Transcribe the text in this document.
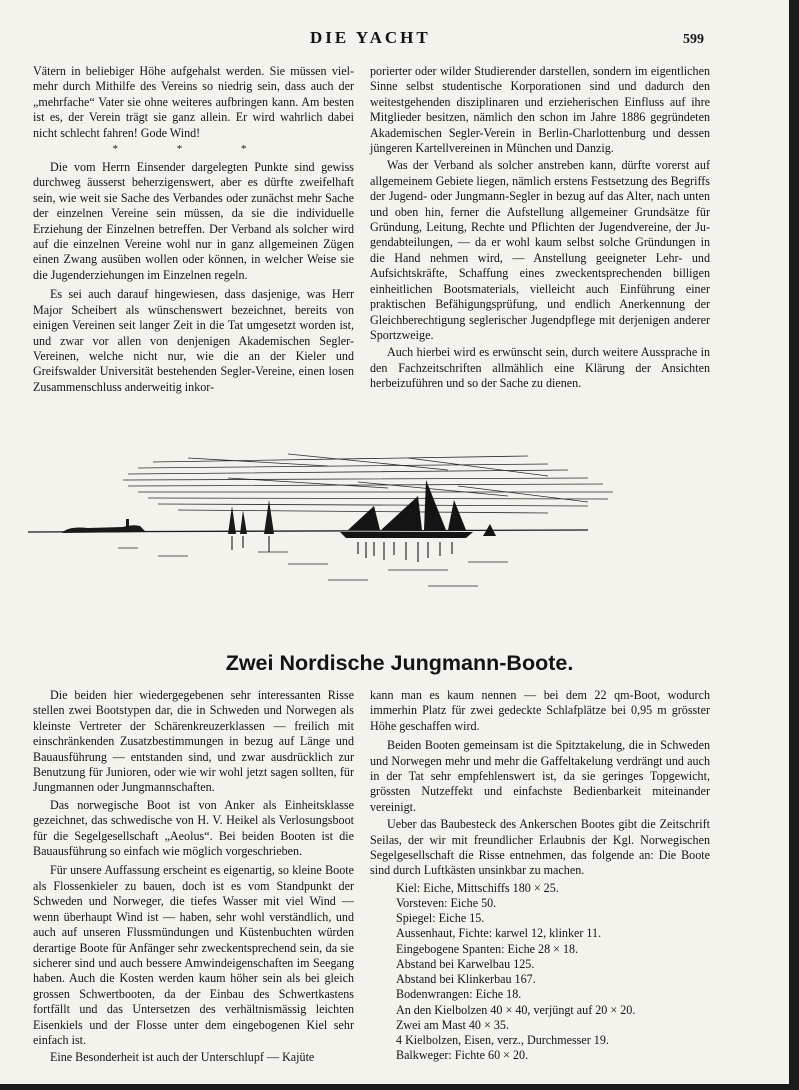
DIE YACHT	599

Vätern in beliebiger Höhe aufgehalst werden. Sie müssen vielmehr durch Mithilfe des Vereins so niedrig sein, dass auch der „mehrfache“ Vater sie ohne weiteres aufbringen kann. Am besten ist es, der Verein trägt sie ganz allein. Er wird wahrlich dabei nicht schlecht fahren! Gode Wind!

* * *

Die vom Herrn Einsender dargelegten Punkte sind gewiss durchweg äusserst beherzigenswert, aber es dürfte zweifelhaft sein, wie weit sie Sache des Verbandes oder zunächst mehr Sache der einzelnen Vereine sein müssen, da sie die individuelle Erziehung der Einzelnen betreffen. Der Verband als solcher wird auf die einzelnen Vereine wohl nur in ganz allgemeinen Zügen einen Zwang ausüben wollen oder können, in welcher Weise sie die Jugenderziehungen im Einzelnen regeln.

Es sei auch darauf hingewiesen, dass dasjenige, was Herr Major Scheibert als wünschenswert bezeichnet, bereits von einigen Vereinen seit langer Zeit in die Tat umgesetzt worden ist, und zwar vor allen von denjenigen Akademischen Segler-Vereinen, welche nicht nur, wie die an der Kieler und Greifswalder Universität bestehenden Segler-Vereine, einen losen Zusammenschluss anderweitig inkor-

porierter oder wilder Studierender darstellen, sondern im eigentlichen Sinne selbst studentische Korporationen sind und dadurch den weitestgehenden disziplinaren und erzieherischen Einfluss auf ihre Mitglieder besitzen, nämlich den schon im Jahre 1886 gegründeten Akademischen Segler-Verein in Berlin-Charlottenburg und dessen jüngeren Kartellvereinen in München und Danzig.

Was der Verband als solcher anstreben kann, dürfte vorerst auf allgemeinem Gebiete liegen, nämlich erstens Festsetzung des Begriffs der Jugend- oder Jungmann-Segler in bezug auf das Alter, nach unten und oben hin, ferner die Aufstellung allgemeiner Grundsätze für Gründung, Leitung, Rechte und Pflichten der Jugendvereine, der Jugendabteilungen, — da er wohl kaum selbst solche Gründungen in die Hand nehmen wird, — Anstellung geeigneter Lehr- und Aufsichtskräfte, Schaffung eines zweckentsprechenden billigen einheitlichen Bootsmaterials, vielleicht auch Einführung einer praktischen Befähigungsprüfung, und endlich Anerkennung der Gleichberechtigung seglerischer Jugendpflege mit derjenigen anderer Sportzweige.

Auch hierbei wird es erwünscht sein, durch weitere Aussprache in den Fachzeitschriften allmählich eine Klärung der Ansichten herbeizuführen und so der Sache zu dienen.

Zwei Nordische Jungmann-Boote.

Die beiden hier wiedergegebenen sehr interessanten Risse stellen zwei Bootstypen dar, die in Schweden und Norwegen als kleinste Vertreter der Schärenkreuzerklassen — freilich mit einschränkenden Zusatzbestimmungen in bezug auf Länge und Bauausführung — entstanden sind, und zwar ausdrücklich zur Benutzung für Junioren, oder wie wir wohl jetzt sagen sollten, für Jungmannen oder Jungmannschaften.

Das norwegische Boot ist von Anker als Einheitsklasse gezeichnet, das schwedische von H. V. Heikel als Verlosungsboot für die Segelgesellschaft „Aeolus“. Bei beiden Booten ist die Bauausführung so einfach wie möglich vorgeschrieben.

Für unsere Auffassung erscheint es eigenartig, so kleine Boote als Flossenkieler zu bauen, doch ist es vom Standpunkt der Schweden und Norweger, die tiefes Wasser mit viel Wind — wenn überhaupt Wind ist — haben, sehr wohl verständlich, und auch auf unseren Flussmündungen und Küstenbuchten würden derartige Boote für Anfänger sehr zweckentsprechend sein, da sie sicherer sind und auch bessere Amwindeigenschaften im Seegang haben. Auch die Kosten werden kaum höher sein als bei gleich grossen Schwertbooten, da der Einbau des Schwertkastens fortfällt und das Untersetzen des verhältnismässig leichten Eisenkiels und der Flosse unter dem eingebogenen Kiel sehr einfach ist.

Eine Besonderheit ist auch der Unterschlupf — Kajüte

kann man es kaum nennen — bei dem 22 qm-Boot, wodurch immerhin Platz für zwei gedeckte Schlafplätze bei 0,95 m grösster Höhe geschaffen wird.

Beiden Booten gemeinsam ist die Spitztakelung, die in Schweden und Norwegen mehr und mehr die Gaffeltakelung verdrängt und auch in der Tat sehr empfehlenswert ist, da sie geringes Topgewicht, grössten Nutzeffekt und einfachste Bedienbarkeit miteinander vereinigt.

Ueber das Baubesteck des Ankerschen Bootes gibt die Zeitschrift Seilas, der wir mit freundlicher Erlaubnis der Kgl. Norwegischen Segelgesellschaft die Risse entnehmen, das folgende an: Die Boote sind durch Luftkästen unsinkbar zu machen.

Kiel: Eiche, Mittschiffs 180 × 25.
Vorsteven: Eiche 50.
Spiegel: Eiche 15.
Aussenhaut, Fichte: karwel 12, klinker 11.
Eingebogene Spanten: Eiche 28 × 18.
Abstand bei Karwelbau 125.
Abstand bei Klinkerbau 167.
Bodenwrangen: Eiche 18.
An den Kielbolzen 40 × 40, verjüngt auf 20 × 20.
Zwei am Mast 40 × 35.
4 Kielbolzen, Eisen, verz., Durchmesser 19.
Balkweger: Fichte 60 × 20.
